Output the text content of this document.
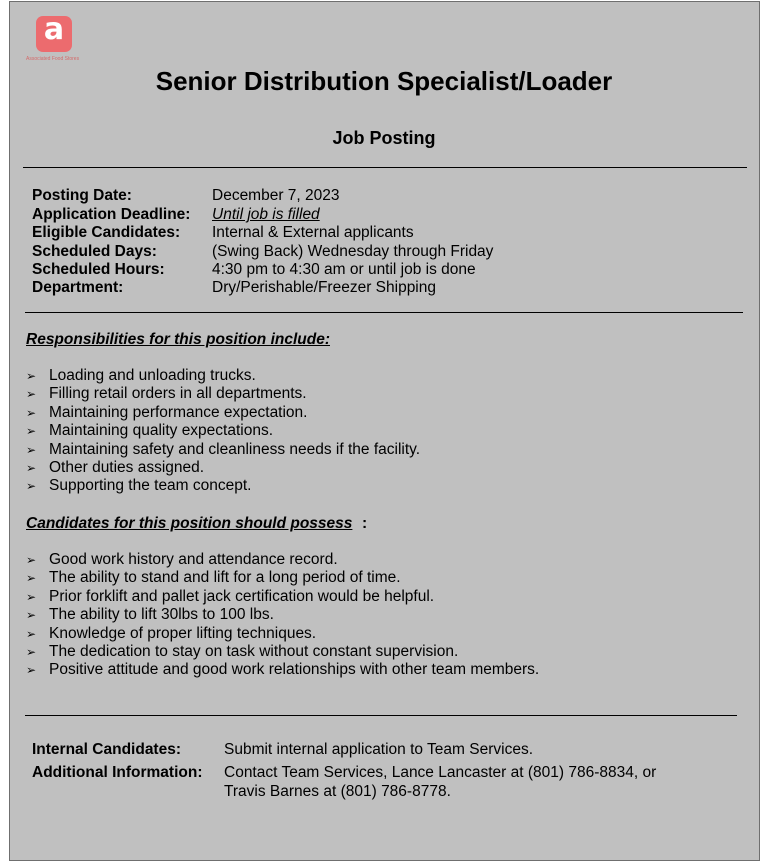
a
Associated Food Stores
Senior Distribution Specialist/Loader
Job Posting
Posting Date:	December 7, 2023
Application Deadline: Until job is filled
Eligible Candidates: Internal & External applicants
Scheduled Days:	(Swing Back) Wednesday through Friday
Scheduled Hours:	4:30 pm to 4:30 am or until job is done
Department:	Dry/Perishable/Freezer Shipping
Responsibilities for this position include:
➢ Loading and unloading trucks.
➢ Filling retail orders in all departments.
➢ Maintaining performance expectation.
➢ Maintaining quality expectations.
➢ Maintaining safety and cleanliness needs if the facility.
➢ Other duties assigned.
➢ Supporting the team concept.
Candidates for this position should possess :
➢ Good work history and attendance record.
➢ The ability to stand and lift for a long period of time.
➢ Prior forklift and pallet jack certification would be helpful.
➢ The ability to lift 30lbs to 100 lbs.
➢ Knowledge of proper lifting techniques.
➢ The dedication to stay on task without constant supervision.
➢ Positive attitude and good work relationships with other team members.
Internal Candidates:	Submit internal application to Team Services.
Additional Information: Contact Team Services, Lance Lancaster at (801) 786-8834, or
Travis Barnes at (801) 786-8778.
